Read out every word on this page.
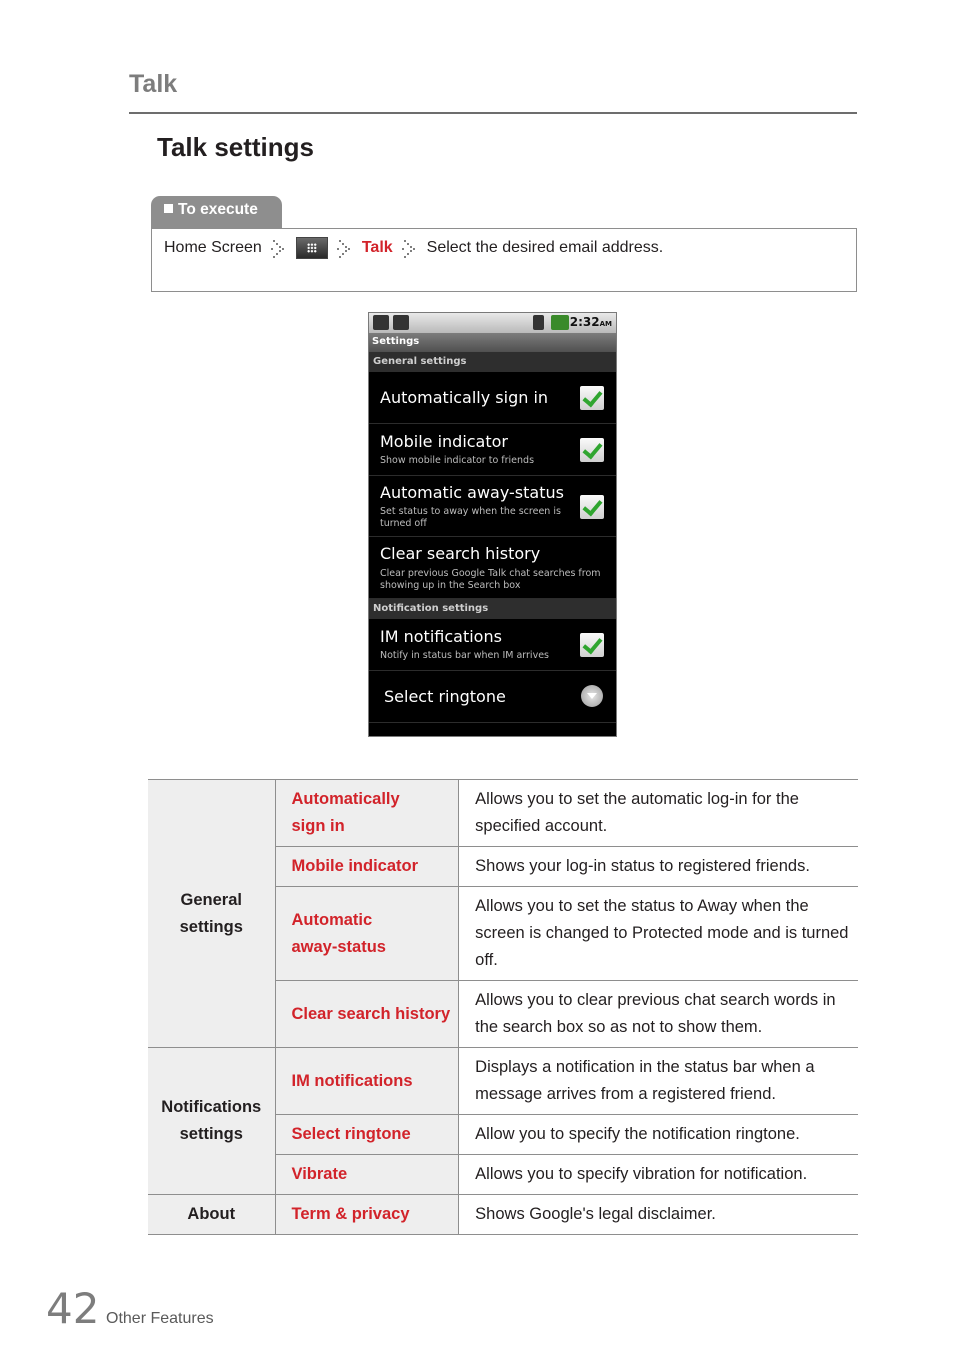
Talk
Talk settings
To execute
Home Screen	Talk Select the desired email address.
2:32AM
Settings
General settings
Automatically sign in
Mobile indicator
Show mobile indicator to friends
Automatic away-status
Set status to away when the screen is turned off
Clear search history
Clear previous Google Talk chat searches from showing up in the Search box
Notification settings
IM notifications
Notify in status bar when IM arrives
Select ringtone
General settings	Automatically sign in	Allows you to set the automatic log-in for the specified account.
	Mobile indicator	Shows your log-in status to registered friends.
	Automatic away-status	Allows you to set the status to Away when the screen is changed to Protected mode and is turned off.
	Clear search history	Allows you to clear previous chat search words in the search box so as not to show them.
Notifications settings	IM notifications	Displays a notification in the status bar when a message arrives from a registered friend.
	Select ringtone	Allow you to specify the notification ringtone.
	Vibrate	Allows you to specify vibration for notification.
About	Term & privacy	Shows Google's legal disclaimer.
42 Other Features
